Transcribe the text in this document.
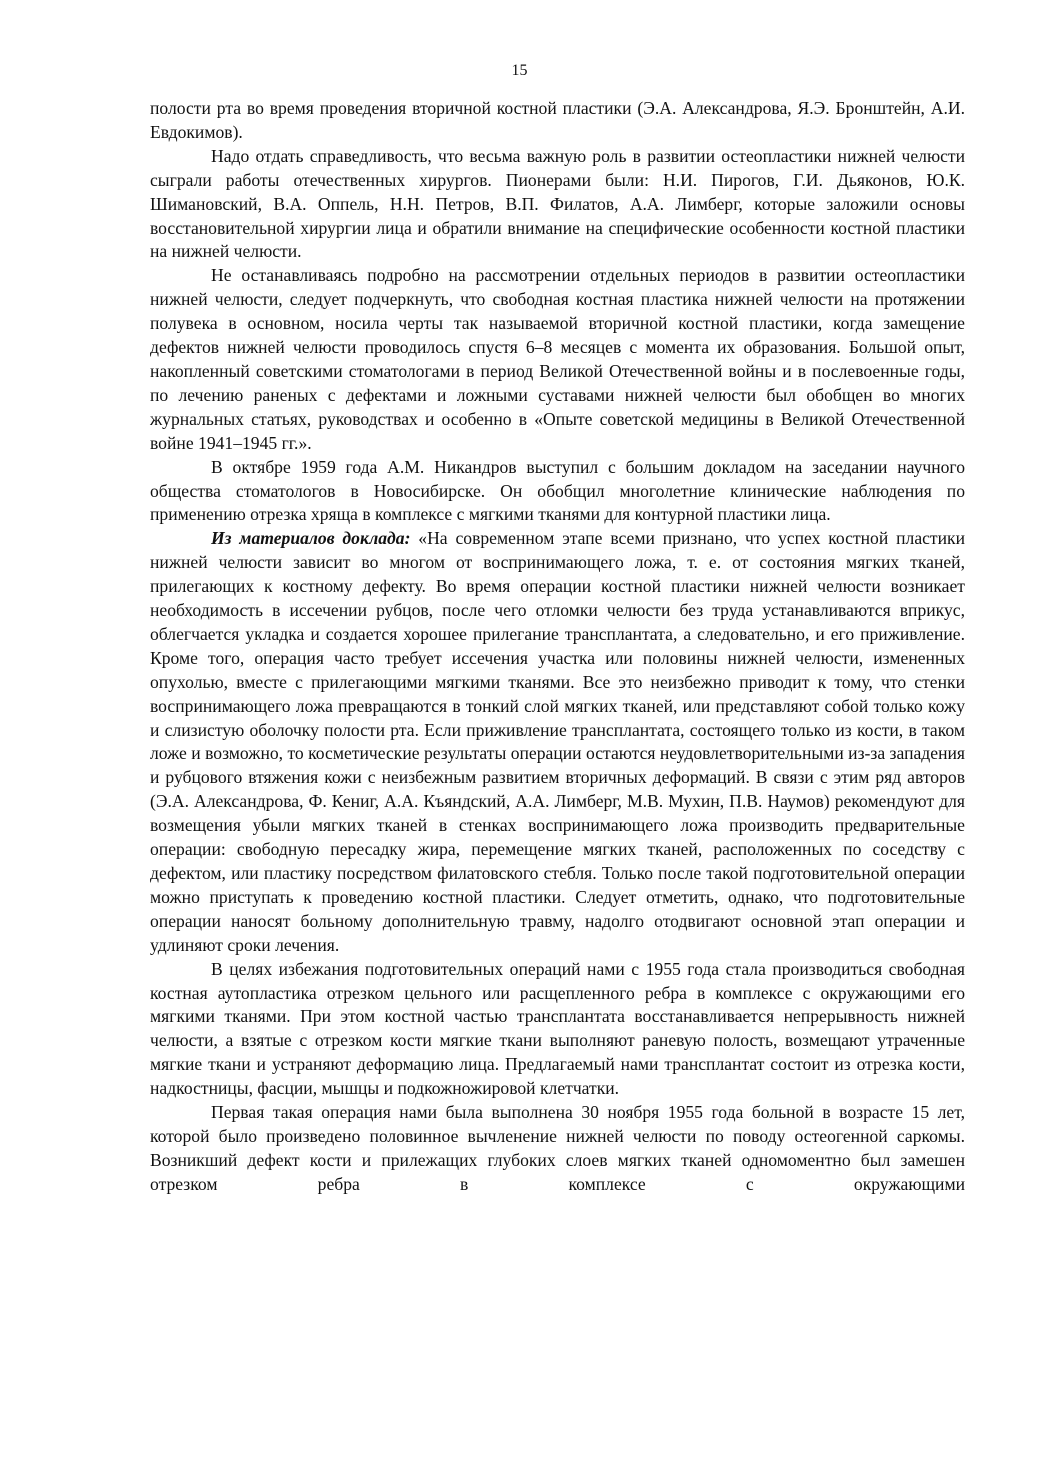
15

полости рта во время проведения вторичной костной пластики (Э.А. Александрова, Я.Э. Бронштейн, А.И. Евдокимов).

Надо отдать справедливость, что весьма важную роль в развитии остеопластики нижней челюсти сыграли работы отечественных хирургов. Пионерами были: Н.И. Пирогов, Г.И. Дьяконов, Ю.К. Шимановский, В.А. Оппель, Н.Н. Петров, В.П. Филатов, А.А. Лимберг, которые заложили основы восстановительной хирургии лица и обратили внимание на специфические особенности костной пластики на нижней челюсти.

Не останавливаясь подробно на рассмотрении отдельных периодов в развитии остеопластики нижней челюсти, следует подчеркнуть, что свободная костная пластика нижней челюсти на протяжении полувека в основном, носила черты так называемой вторичной костной пластики, когда замещение дефектов нижней челюсти проводилось спустя 6–8 месяцев с момента их образования. Большой опыт, накопленный советскими стоматологами в период Великой Отечественной войны и в послевоенные годы, по лечению раненых с дефектами и ложными суставами нижней челюсти был обобщен во многих журнальных статьях, руководствах и особенно в «Опыте советской медицины в Великой Отечественной войне 1941–1945 гг.».

В октябре 1959 года А.М. Никандров выступил с большим докладом на заседании научного общества стоматологов в Новосибирске. Он обобщил многолетние клинические наблюдения по применению отрезка хряща в комплексе с мягкими тканями для контурной пластики лица.

Из материалов доклада: «На современном этапе всеми признано, что успех костной пластики нижней челюсти зависит во многом от воспринимающего ложа, т. е. от состояния мягких тканей, прилегающих к костному дефекту. Во время операции костной пластики нижней челюсти возникает необходимость в иссечении рубцов, после чего отломки челюсти без труда устанавливаются вприкус, облегчается укладка и создается хорошее прилегание трансплантата, а следовательно, и его приживление. Кроме того, операция часто требует иссечения участка или половины нижней челюсти, измененных опухолью, вместе с прилегающими мягкими тканями. Все это неизбежно приводит к тому, что стенки воспринимающего ложа превращаются в тонкий слой мягких тканей, или представляют собой только кожу и слизистую оболочку полости рта. Если приживление трансплантата, состоящего только из кости, в таком ложе и возможно, то косметические результаты операции остаются неудовлетворительными из-за западения и рубцового втяжения кожи с неизбежным развитием вторичных деформаций. В связи с этим ряд авторов (Э.А. Александрова, Ф. Кениг, А.А. Къяндский, А.А. Лимберг, М.В. Мухин, П.В. Наумов) рекомендуют для возмещения убыли мягких тканей в стенках воспринимающего ложа производить предварительные операции: свободную пересадку жира, перемещение мягких тканей, расположенных по соседству с дефектом, или пластику посредством филатовского стебля. Только после такой подготовительной операции можно приступать к проведению костной пластики. Следует отметить, однако, что подготовительные операции наносят больному дополнительную травму, надолго отодвигают основной этап операции и удлиняют сроки лечения.

В целях избежания подготовительных операций нами с 1955 года стала производиться свободная костная аутопластика отрезком цельного или расщепленного ребра в комплексе с окружающими его мягкими тканями. При этом костной частью трансплантата восстанавливается непрерывность нижней челюсти, а взятые с отрезком кости мягкие ткани выполняют раневую полость, возмещают утраченные мягкие ткани и устраняют деформацию лица. Предлагаемый нами трансплантат состоит из отрезка кости, надкостницы, фасции, мышцы и подкожножировой клетчатки.

Первая такая операция нами была выполнена 30 ноября 1955 года больной в возрасте 15 лет, которой было произведено половинное вычленение нижней челюсти по поводу остеогенной саркомы. Возникший дефект кости и прилежащих глубоких слоев мягких тканей одномоментно был замешен отрезком ребра в комплексе с окружающими
